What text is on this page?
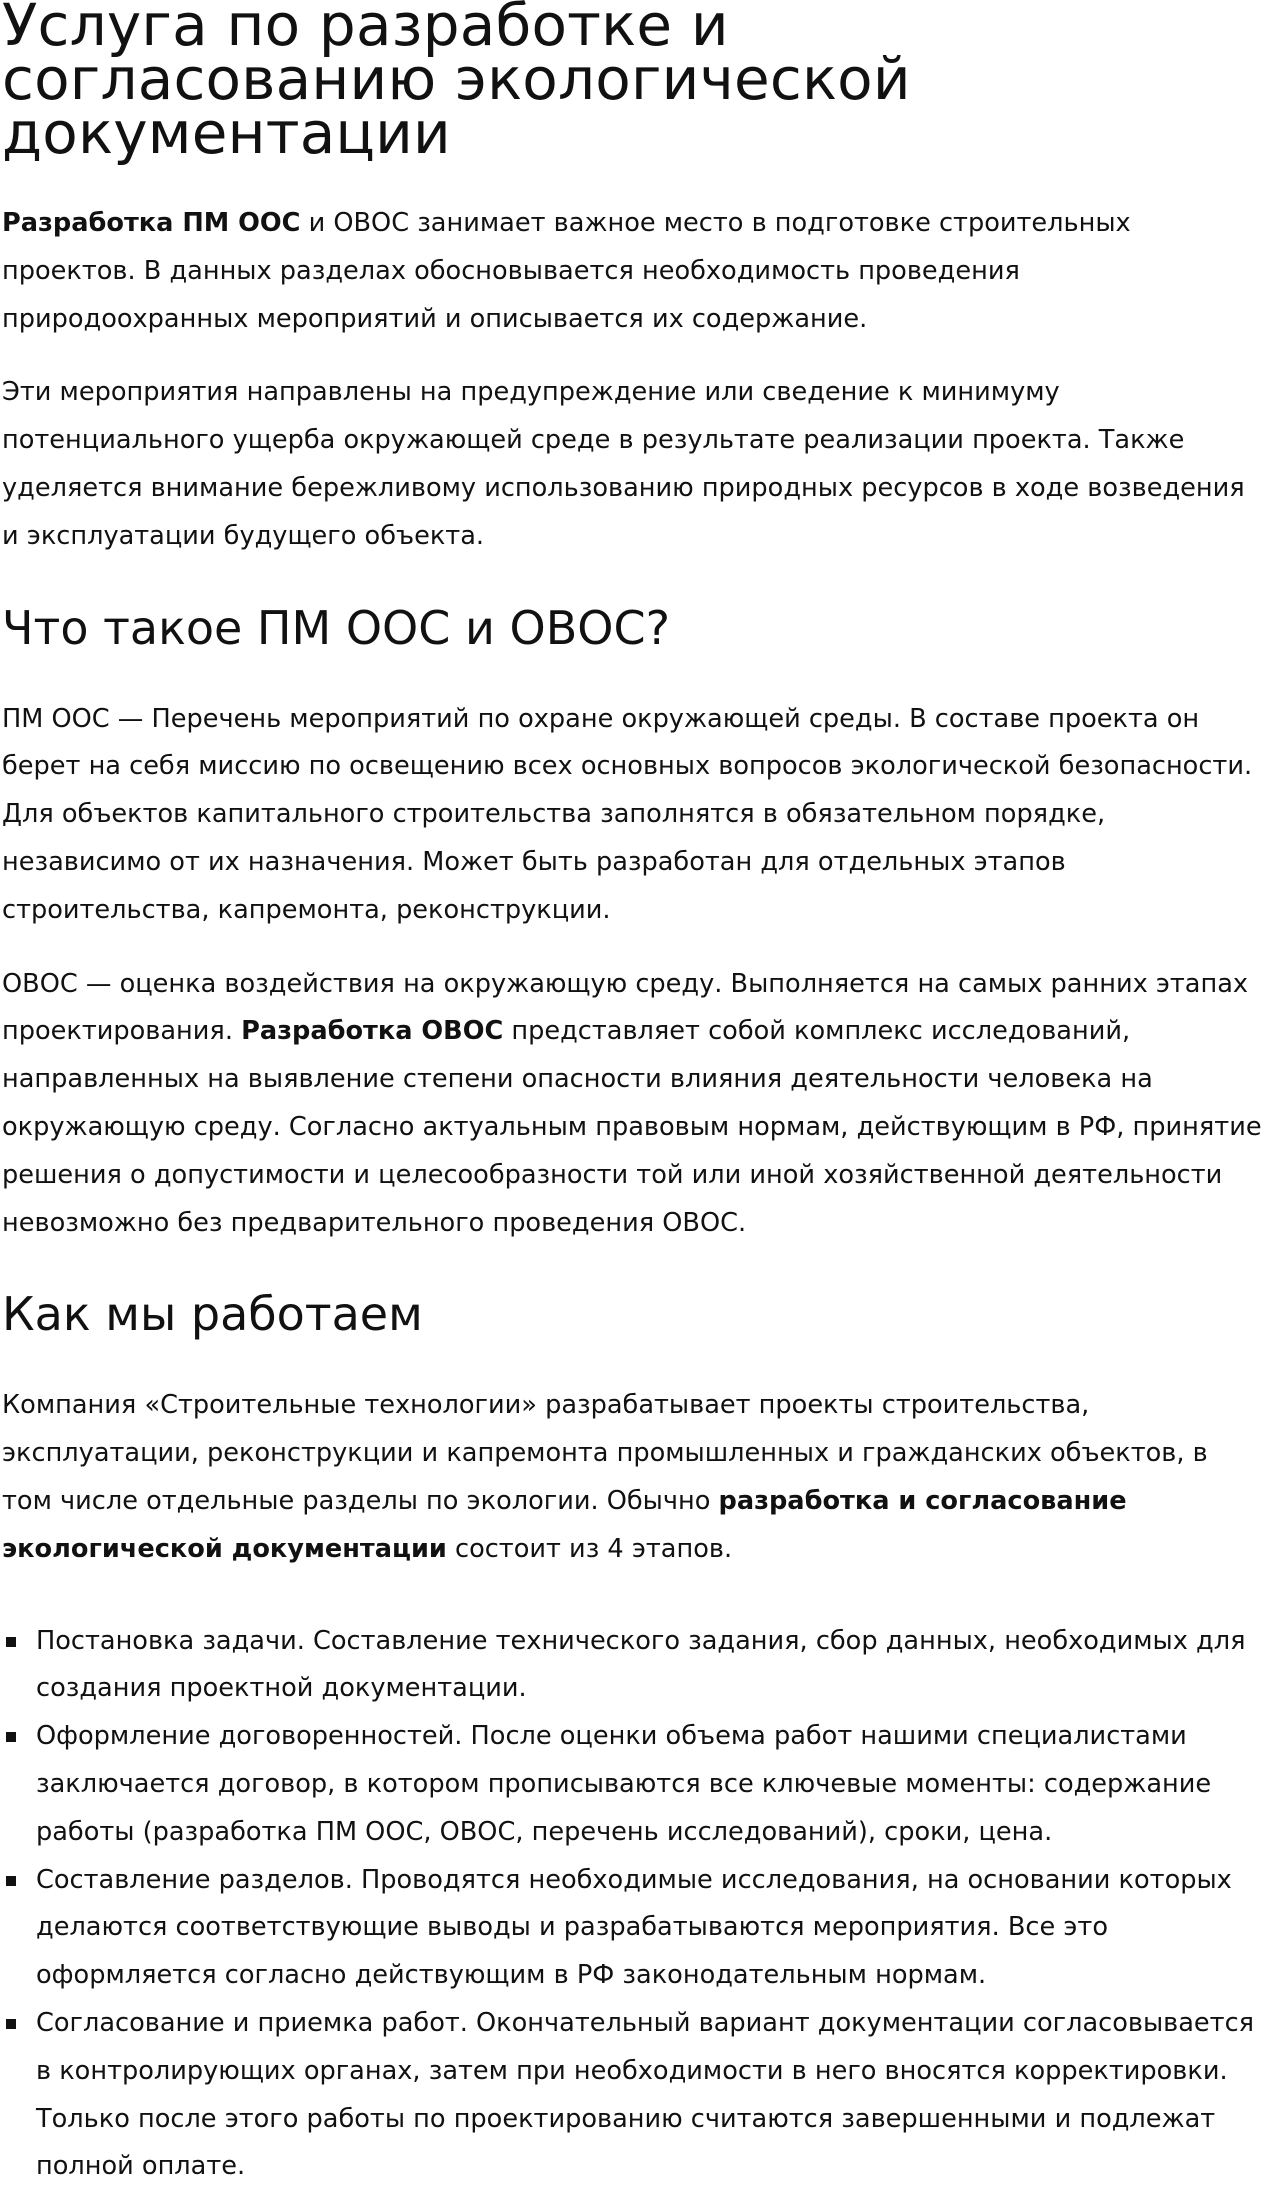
Услуга по разработке и согласованию экологической документации

Разработка ПМ ООС и ОВОС занимает важное место в подготовке строительных проектов. В данных разделах обосновывается необходимость проведения природоохранных мероприятий и описывается их содержание.

Эти мероприятия направлены на предупреждение или сведение к минимуму потенциального ущерба окружающей среде в результате реализации проекта. Также уделяется внимание бережливому использованию природных ресурсов в ходе возведения и эксплуатации будущего объекта.

Что такое ПМ ООС и ОВОС?

ПМ ООС — Перечень мероприятий по охране окружающей среды. В составе проекта он берет на себя миссию по освещению всех основных вопросов экологической безопасности. Для объектов капитального строительства заполнятся в обязательном порядке, независимо от их назначения. Может быть разработан для отдельных этапов строительства, капремонта, реконструкции.

ОВОС — оценка воздействия на окружающую среду. Выполняется на самых ранних этапах проектирования. Разработка ОВОС представляет собой комплекс исследований, направленных на выявление степени опасности влияния деятельности человека на окружающую среду. Согласно актуальным правовым нормам, действующим в РФ, принятие решения о допустимости и целесообразности той или иной хозяйственной деятельности невозможно без предварительного проведения ОВОС.

Как мы работаем

Компания «Строительные технологии» разрабатывает проекты строительства, эксплуатации, реконструкции и капремонта промышленных и гражданских объектов, в том числе отдельные разделы по экологии. Обычно разработка и согласование экологической документации состоит из 4 этапов.

Постановка задачи. Составление технического задания, сбор данных, необходимых для создания проектной документации.
Оформление договоренностей. После оценки объема работ нашими специалистами заключается договор, в котором прописываются все ключевые моменты: содержание работы (разработка ПМ ООС, ОВОС, перечень исследований), сроки, цена.
Составление разделов. Проводятся необходимые исследования, на основании которых делаются соответствующие выводы и разрабатываются мероприятия. Все это оформляется согласно действующим в РФ законодательным нормам.
Согласование и приемка работ. Окончательный вариант документации согласовывается в контролирующих органах, затем при необходимости в него вносятся корректировки. Только после этого работы по проектированию считаются завершенными и подлежат полной оплате.
